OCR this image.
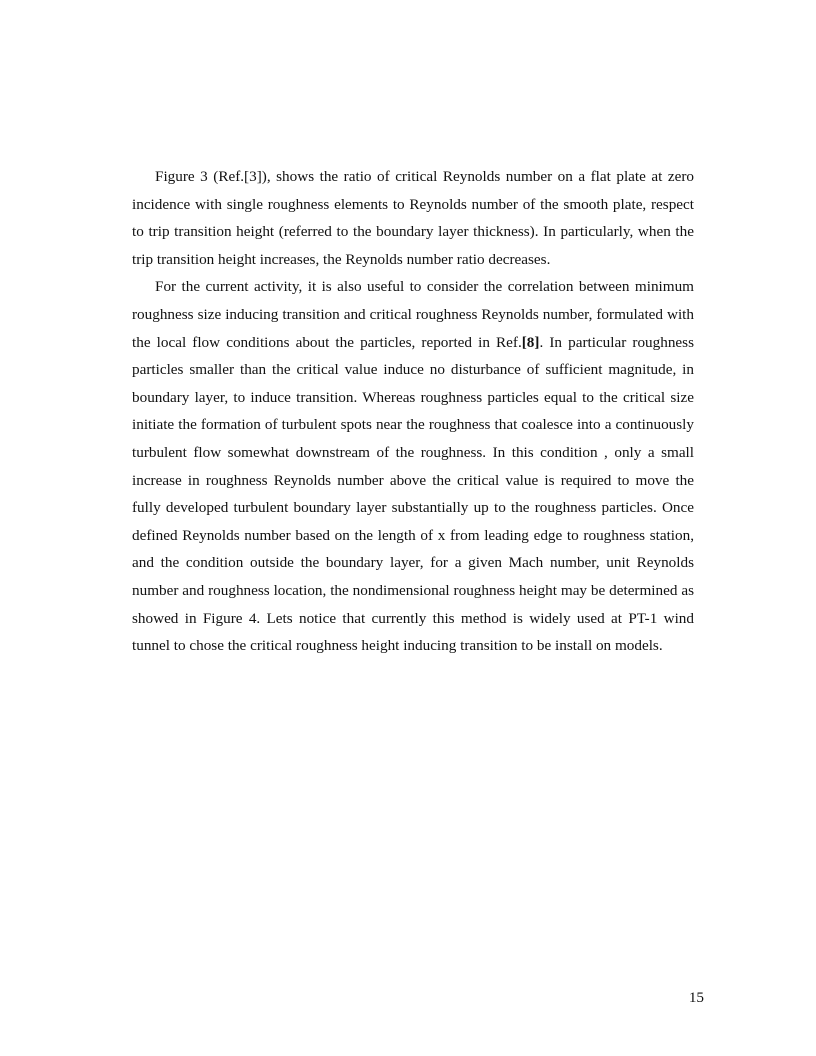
Figure 3 (Ref.[3]), shows the ratio of critical Reynolds number on a flat plate at zero incidence with single roughness elements to Reynolds number of the smooth plate, respect to trip transition height (referred to the boundary layer thickness). In particularly, when the trip transition height increases, the Reynolds number ratio decreases.

For the current activity, it is also useful to consider the correlation between minimum roughness size inducing transition and critical roughness Reynolds number, formulated with the local flow conditions about the particles, reported in Ref.[8]. In particular roughness particles smaller than the critical value induce no disturbance of sufficient magnitude, in boundary layer, to induce transition. Whereas roughness particles equal to the critical size initiate the formation of turbulent spots near the roughness that coalesce into a continuously turbulent flow somewhat downstream of the roughness. In this condition , only a small increase in roughness Reynolds number above the critical value is required to move the fully developed turbulent boundary layer substantially up to the roughness particles. Once defined Reynolds number based on the length of x from leading edge to roughness station, and the condition outside the boundary layer, for a given Mach number, unit Reynolds number and roughness location, the nondimensional roughness height may be determined as showed in Figure 4. Lets notice that currently this method is widely used at PT-1 wind tunnel to chose the critical roughness height inducing transition to be install on models.

15
